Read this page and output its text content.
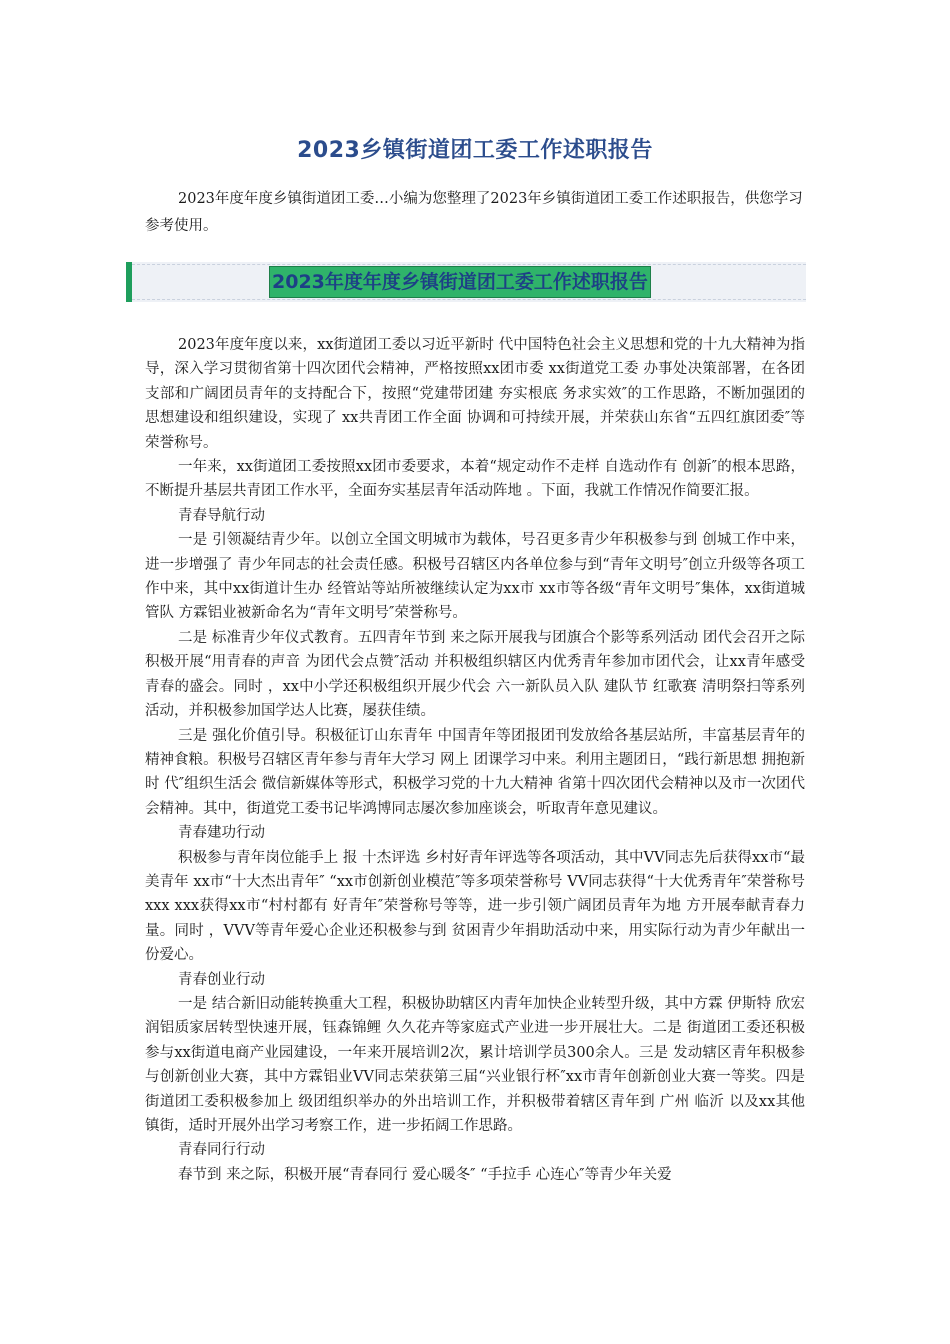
2023乡镇街道团工委工作述职报告
2023年度年度乡镇街道团工委…小编为您整理了2023年乡镇街道团工委工作述职报告，供您学习参考使用。
2023年度年度乡镇街道团工委工作述职报告

2023年度年度以来，xx街道团工委以习近平新时 代中国特色社会主义思想和党的十九大精神为指导，深入学习贯彻省第十四次团代会精神，严格按照xx团市委 xx街道党工委 办事处决策部署，在各团支部和广阔团员青年的支持配合下，按照“党建带团建 夯实根底 务求实效″的工作思路，不断加强团的思想建设和组织建设，实现了 xx共青团工作全面 协调和可持续开展，并荣获山东省“五四红旗团委″等荣誉称号。

一年来，xx街道团工委按照xx团市委要求，本着“规定动作不走样 自选动作有 创新″的根本思路，不断提升基层共青团工作水平，全面夯实基层青年活动阵地 。下面，我就工作情况作简要汇报。

青春导航行动

一是 引领凝结青少年。以创立全国文明城市为载体，号召更多青少年积极参与到 创城工作中来，进一步增强了 青少年同志的社会责任感。积极号召辖区内各单位参与到“青年文明号″创立升级等各项工作中来，其中xx街道计生办 经管站等站所被继续认定为xx市 xx市等各级“青年文明号″集体，xx街道城管队 方霖铝业被新命名为“青年文明号″荣誉称号。

二是 标准青少年仪式教育。五四青年节到 来之际开展我与团旗合个影等系列活动 团代会召开之际积极开展“用青春的声音 为团代会点赞″活动 并积极组织辖区内优秀青年参加市团代会，让xx青年感受青春的盛会。同时 ，xx中小学还积极组织开展少代会 六一新队员入队 建队节 红歌赛 清明祭扫等系列活动，并积极参加国学达人比赛，屡获佳绩。

三是 强化价值引导。积极征订山东青年 中国青年等团报团刊发放给各基层站所，丰富基层青年的精神食粮。积极号召辖区青年参与青年大学习 网上 团课学习中来。利用主题团日，“践行新思想 拥抱新时 代″组织生活会 微信新媒体等形式，积极学习党的十九大精神 省第十四次团代会精神以及市一次团代会精神。其中，街道党工委书记毕鸿博同志屡次参加座谈会，听取青年意见建议。

青春建功行动

积极参与青年岗位能手上 报 十杰评选 乡村好青年评选等各项活动，其中VV同志先后获得xx市“最美青年 xx市“十大杰出青年″ “xx市创新创业模范″等多项荣誉称号 VV同志获得“十大优秀青年″荣誉称号 xxx xxx获得xx市“村村都有 好青年″荣誉称号等等，进一步引领广阔团员青年为地 方开展奉献青春力量。同时 ，VVV等青年爱心企业还积极参与到 贫困青少年捐助活动中来，用实际行动为青少年献出一份爱心。

青春创业行动

一是 结合新旧动能转换重大工程，积极协助辖区内青年加快企业转型升级，其中方霖 伊斯特 欣宏润铝质家居转型快速开展，钰森锦鲤 久久花卉等家庭式产业进一步开展壮大。二是 街道团工委还积极参与xx街道电商产业园建设，一年来开展培训2次，累计培训学员300余人。三是 发动辖区青年积极参与创新创业大赛，其中方霖铝业VV同志荣获第三届“兴业银行杯″xx市青年创新创业大赛一等奖。四是 街道团工委积极参加上 级团组织举办的外出培训工作，并积极带着辖区青年到 广州 临沂 以及xx其他 镇街，适时开展外出学习考察工作，进一步拓阔工作思路。

青春同行行动

春节到 来之际，积极开展“青春同行 爱心暖冬″ “手拉手 心连心″等青少年关爱
